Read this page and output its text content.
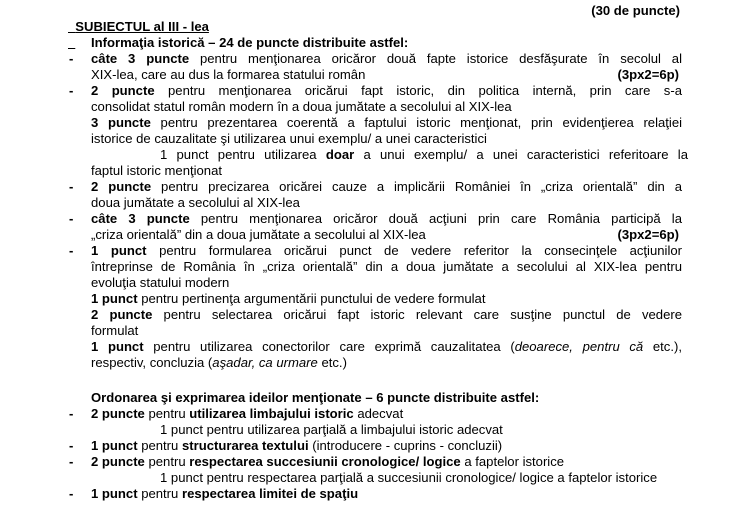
SUBIECTUL al III - lea

(30 de puncte)

Informaţia istorică – 24 de puncte distribuite astfel:
- câte 3 puncte pentru menţionarea oricăror două fapte istorice desfăşurate în secolul al
XIX-lea, care au dus la formarea statului român	(3px2=6p)
- 2 puncte pentru menţionarea oricărui fapt istoric, din politica internă, prin care s-a
consolidat statul român modern în a doua jumătate a secolului al XIX-lea
3 puncte pentru prezentarea coerentă a faptului istoric menţionat, prin evidenţierea relaţiei
istorice de cauzalitate şi utilizarea unui exemplu/ a unei caracteristici
1 punct pentru utilizarea doar a unui exemplu/ a unei caracteristici referitoare la
faptul istoric menţionat
- 2 puncte pentru precizarea oricărei cauze a implicării României în „criza orientală” din a
doua jumătate a secolului al XIX-lea
- câte 3 puncte pentru menţionarea oricăror două acţiuni prin care România participă la
„criza orientală” din a doua jumătate a secolului al XIX-lea	(3px2=6p)
- 1 punct pentru formularea oricărui punct de vedere referitor la consecinţele acţiunilor
întreprinse de România în „criza orientală” din a doua jumătate a secolului al XIX-lea pentru
evoluţia statului modern
1 punct pentru pertinenţa argumentării punctului de vedere formulat
2 puncte pentru selectarea oricărui fapt istoric relevant care susţine punctul de vedere
formulat
1 punct pentru utilizarea conectorilor care exprimă cauzalitatea (deoarece, pentru că etc.),
respectiv, concluzia (aşadar, ca urmare etc.)
Ordonarea şi exprimarea ideilor menţionate – 6 puncte distribuite astfel:
- 2 puncte pentru utilizarea limbajului istoric adecvat
1 punct pentru utilizarea parţială a limbajului istoric adecvat
- 1 punct pentru structurarea textului (introducere - cuprins - concluzii)
- 2 puncte pentru respectarea succesiunii cronologice/ logice a faptelor istorice
1 punct pentru respectarea parţială a succesiunii cronologice/ logice a faptelor istorice
- 1 punct pentru respectarea limitei de spaţiu
